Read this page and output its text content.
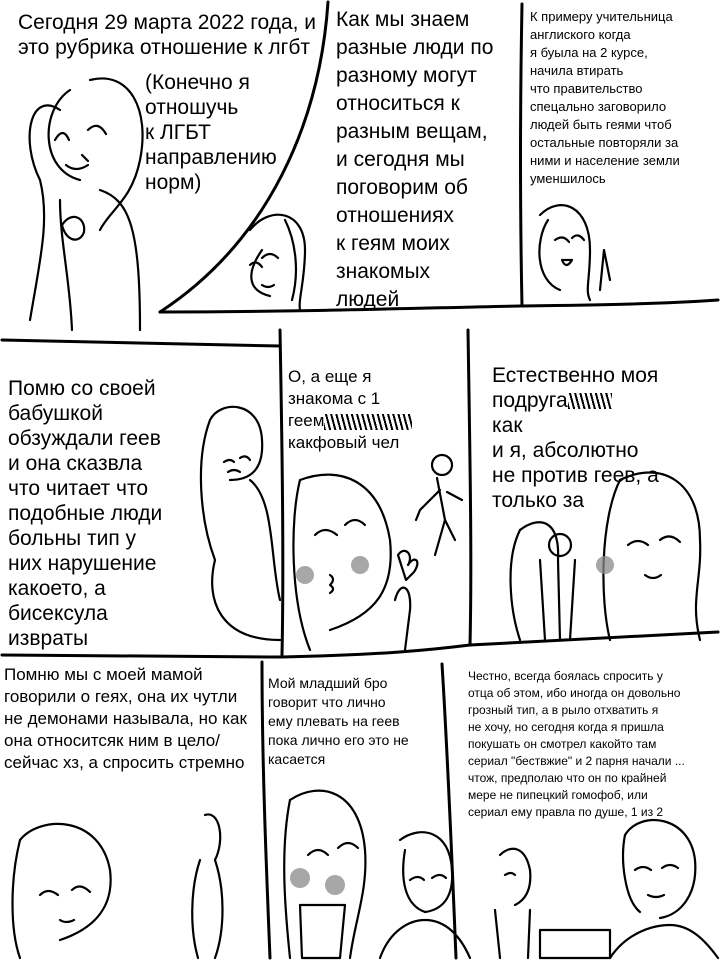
Сегодня 29 марта 2022 года, и
это рубрика отношение к лгбт
(Конечно я
отношучь
к ЛГБТ
направлению
норм)
Как мы знаем
разные люди по
разному могут
относиться к
разным вещам,
и сегодня мы
поговорим об
отношениях
к геям моих
знакомых
людей
К примеру учительница
англиского когда
я буыла на 2 курсе,
начила втирать
что правительство
спецально заговорило
людей быть геями чтоб
остальные повторяли за
ними и население земли
уменшилось
Помю со своей
бабушкой
обзуждали геев
и она сказвла
что читает что
подобные люди
больны тип у
них нарушение
какоето, а
бисексула
извраты

О, а еще я
знакома с 1
геем
какфовый чел

Естественно моя
подруга
как
и я, абсолютно
не против геев, а
только за

Помню мы с моей мамой
говорили о геях, она их чутли
не демонами называла, но как
она относитсяк ним в цело/
сейчас хз, а спросить стремно
Мой младший бро
говорит что лично
ему плевать на геев
пока лично его это не
касается
Честно, всегда боялась спросить у
отца об этом, ибо иногда он довольно
грозный тип, а в рыло отхватить я
не хочу, но сегодня когда я пришла
покушать он смотрел какойто там
сериал "бествжие" и 2 парня начали ...
чтож, предполаю что он по крайней
мере не пипецкий гомофоб, или
сериал ему правла по душе, 1 из 2
